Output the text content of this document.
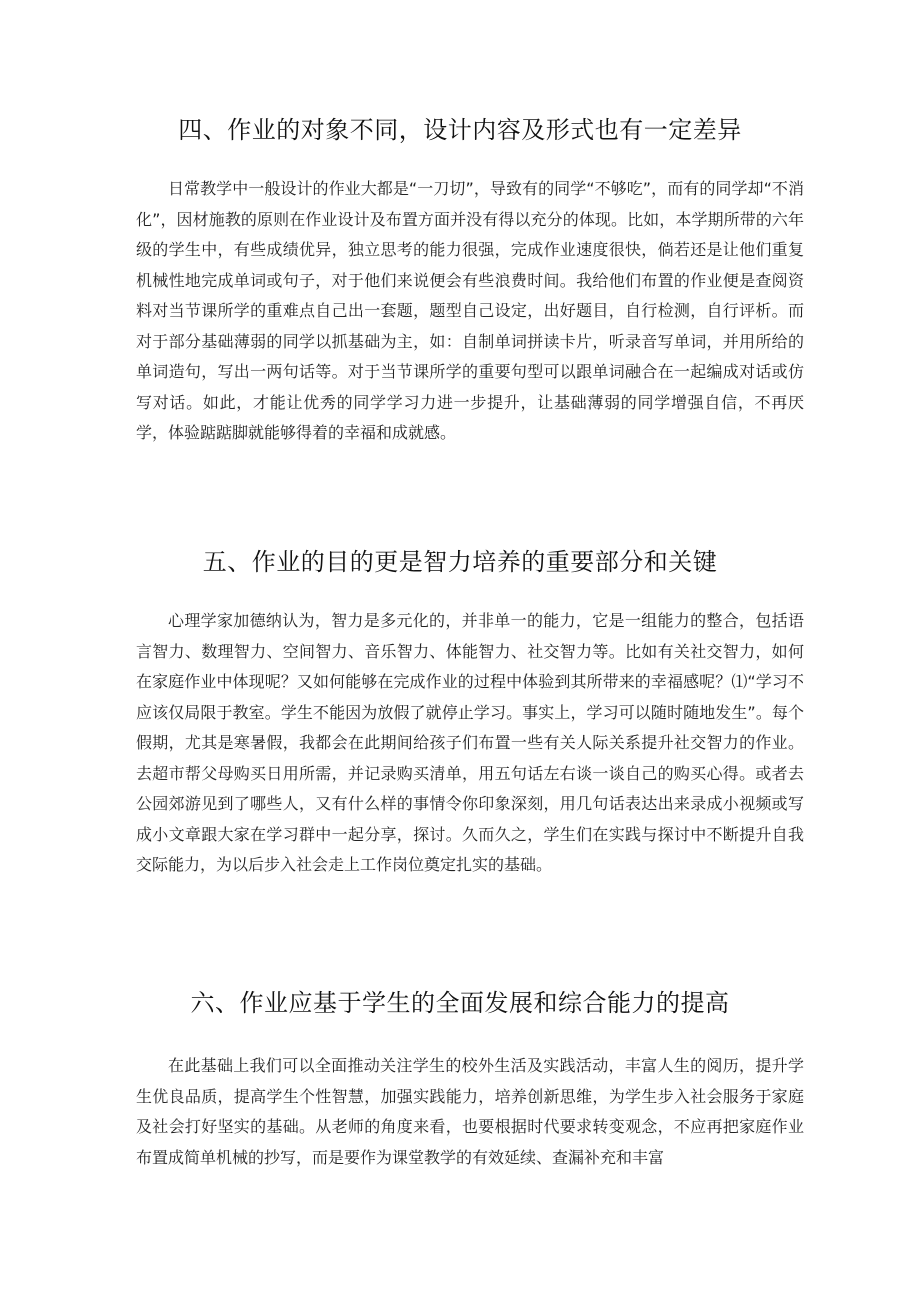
四、作业的对象不同，设计内容及形式也有一定差异

日常教学中一般设计的作业大都是“一刀切”，导致有的同学“不够吃”，而有的同学却“不消化”，因材施教的原则在作业设计及布置方面并没有得以充分的体现。比如，本学期所带的六年级的学生中，有些成绩优异，独立思考的能力很强，完成作业速度很快，倘若还是让他们重复机械性地完成单词或句子，对于他们来说便会有些浪费时间。我给他们布置的作业便是查阅资料对当节课所学的重难点自己出一套题，题型自己设定，出好题目，自行检测，自行评析。而对于部分基础薄弱的同学以抓基础为主，如：自制单词拼读卡片，听录音写单词，并用所给的单词造句，写出一两句话等。对于当节课所学的重要句型可以跟单词融合在一起编成对话或仿写对话。如此，才能让优秀的同学学习力进一步提升，让基础薄弱的同学增强自信，不再厌学，体验踮踮脚就能够得着的幸福和成就感。

五、作业的目的更是智力培养的重要部分和关键

心理学家加德纳认为，智力是多元化的，并非单一的能力，它是一组能力的整合，包括语言智力、数理智力、空间智力、音乐智力、体能智力、社交智力等。比如有关社交智力，如何在家庭作业中体现呢？又如何能够在完成作业的过程中体验到其所带来的幸福感呢？⑴“学习不应该仅局限于教室。学生不能因为放假了就停止学习。事实上，学习可以随时随地发生”。每个假期，尤其是寒暑假，我都会在此期间给孩子们布置一些有关人际关系提升社交智力的作业。去超市帮父母购买日用所需，并记录购买清单，用五句话左右谈一谈自己的购买心得。或者去公园郊游见到了哪些人，又有什么样的事情令你印象深刻，用几句话表达出来录成小视频或写成小文章跟大家在学习群中一起分享，探讨。久而久之，学生们在实践与探讨中不断提升自我交际能力，为以后步入社会走上工作岗位奠定扎实的基础。

六、作业应基于学生的全面发展和综合能力的提高

在此基础上我们可以全面推动关注学生的校外生活及实践活动，丰富人生的阅历，提升学生优良品质，提高学生个性智慧，加强实践能力，培养创新思维，为学生步入社会服务于家庭及社会打好坚实的基础。从老师的角度来看，也要根据时代要求转变观念，不应再把家庭作业布置成简单机械的抄写，而是要作为课堂教学的有效延续、查漏补充和丰富
